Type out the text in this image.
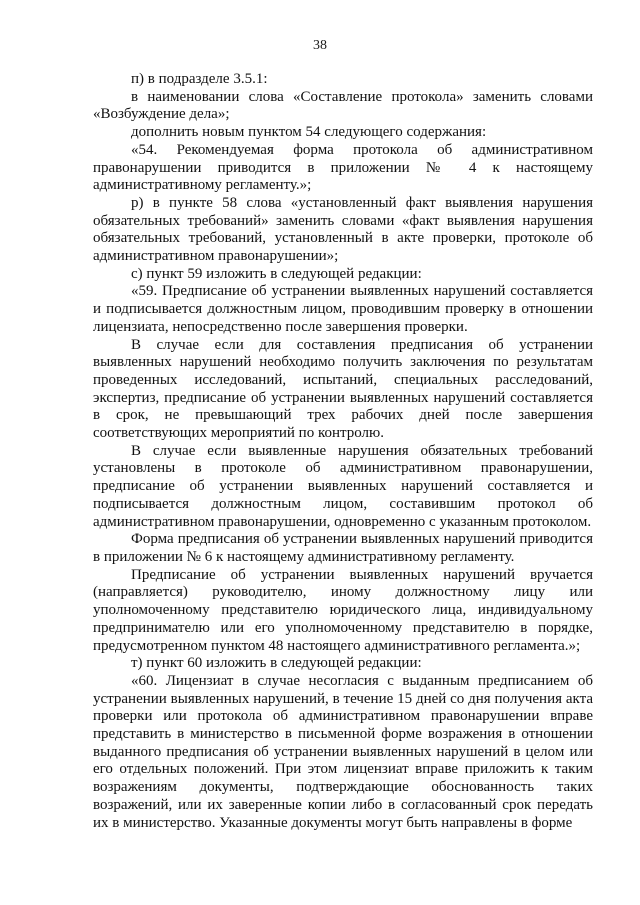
38

п) в подразделе 3.5.1:

в наименовании слова «Составление протокола» заменить словами «Возбуждение дела»;

дополнить новым пунктом 54 следующего содержания:

«54. Рекомендуемая форма протокола об административном правонарушении приводится в приложении № 4 к настоящему административному регламенту.»;

р) в пункте 58 слова «установленный факт выявления нарушения обязательных требований» заменить словами «факт выявления нарушения обязательных требований, установленный в акте проверки, протоколе об административном правонарушении»;

с) пункт 59 изложить в следующей редакции:

«59. Предписание об устранении выявленных нарушений составляется и подписывается должностным лицом, проводившим проверку в отношении лицензиата, непосредственно после завершения проверки.

В случае если для составления предписания об устранении выявленных нарушений необходимо получить заключения по результатам проведенных исследований, испытаний, специальных расследований, экспертиз, предписание об устранении выявленных нарушений составляется в срок, не превышающий трех рабочих дней после завершения соответствующих мероприятий по контролю.

В случае если выявленные нарушения обязательных требований установлены в протоколе об административном правонарушении, предписание об устранении выявленных нарушений составляется и подписывается должностным лицом, составившим протокол об административном правонарушении, одновременно с указанным протоколом.

Форма предписания об устранении выявленных нарушений приводится в приложении № 6 к настоящему административному регламенту.

Предписание об устранении выявленных нарушений вручается (направляется) руководителю, иному должностному лицу или уполномоченному представителю юридического лица, индивидуальному предпринимателю или его уполномоченному представителю в порядке, предусмотренном пунктом 48 настоящего административного регламента.»;

т) пункт 60 изложить в следующей редакции:

«60. Лицензиат в случае несогласия с выданным предписанием об устранении выявленных нарушений, в течение 15 дней со дня получения акта проверки или протокола об административном правонарушении вправе представить в министерство в письменной форме возражения в отношении выданного предписания об устранении выявленных нарушений в целом или его отдельных положений. При этом лицензиат вправе приложить к таким возражениям документы, подтверждающие обоснованность таких возражений, или их заверенные копии либо в согласованный срок передать их в министерство. Указанные документы могут быть направлены в форме
